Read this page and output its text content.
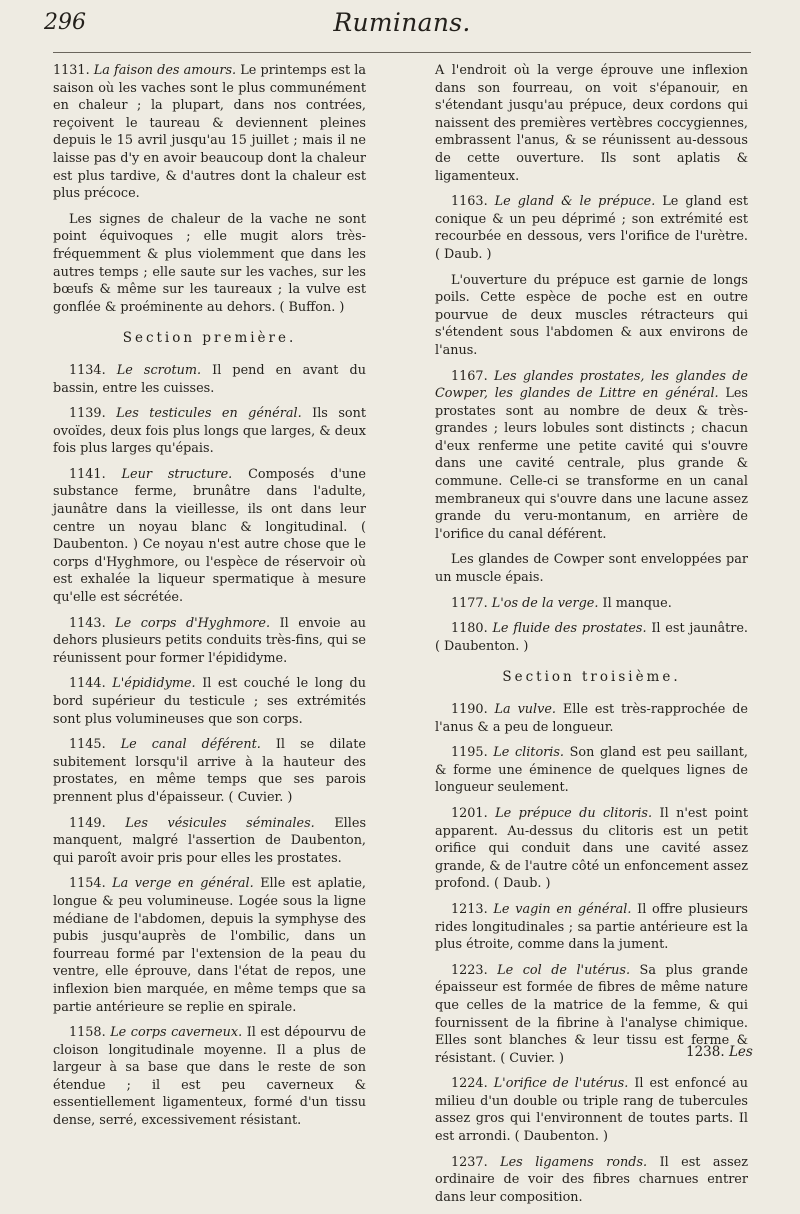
296	Ruminans.

1131. La faison des amours. Le printemps est la saison où les vaches sont le plus communément en chaleur ; la plupart, dans nos contrées, reçoivent le taureau & deviennent pleines depuis le 15 avril jusqu'au 15 juillet ; mais il ne laisse pas d'y en avoir beaucoup dont la chaleur est plus tardive, & d'autres dont la chaleur est plus précoce.

Les signes de chaleur de la vache ne sont point équivoques ; elle mugit alors très-fréquemment & plus violemment que dans les autres temps ; elle saute sur les vaches, sur les bœufs & même sur les taureaux ; la vulve est gonflée & proéminente au dehors. ( Buffon. )

Section première.

1134. Le scrotum. Il pend en avant du bassin, entre les cuisses.

1139. Les testicules en général. Ils sont ovoïdes, deux fois plus longs que larges, & deux fois plus larges qu'épais.

1141. Leur structure. Composés d'une substance ferme, brunâtre dans l'adulte, jaunâtre dans la vieillesse, ils ont dans leur centre un noyau blanc & longitudinal. ( Daubenton. ) Ce noyau n'est autre chose que le corps d'Hyghmore, ou l'espèce de réservoir où est exhalée la liqueur spermatique à mesure qu'elle est sécrétée.

1143. Le corps d'Hyghmore. Il envoie au dehors plusieurs petits conduits très-fins, qui se réunissent pour former l'épididyme.

1144. L'épididyme. Il est couché le long du bord supérieur du testicule ; ses extrémités sont plus volumineuses que son corps.

1145. Le canal déférent. Il se dilate subitement lorsqu'il arrive à la hauteur des prostates, en même temps que ses parois prennent plus d'épaisseur. ( Cuvier. )

1149. Les vésicules séminales. Elles manquent, malgré l'assertion de Daubenton, qui paroît avoir pris pour elles les prostates.

1154. La verge en général. Elle est aplatie, longue & peu volumineuse. Logée sous la ligne médiane de l'abdomen, depuis la symphyse des pubis jusqu'auprès de l'ombilic, dans un fourreau formé par l'extension de la peau du ventre, elle éprouve, dans l'état de repos, une inflexion bien marquée, en même temps que sa partie antérieure se replie en spirale.

1158. Le corps caverneux. Il est dépourvu de cloison longitudinale moyenne. Il a plus de largeur à sa base que dans le reste de son étendue ; il est peu caverneux & essentiellement ligamenteux, formé d'un tissu dense, serré, excessivement résistant.

A l'endroit où la verge éprouve une inflexion dans son fourreau, on voit s'épanouir, en s'étendant jusqu'au prépuce, deux cordons qui naissent des premières vertèbres coccygiennes, embrassent l'anus, & se réunissent au-dessous de cette ouverture. Ils sont aplatis & ligamenteux.

1163. Le gland & le prépuce. Le gland est conique & un peu déprimé ; son extrémité est recourbée en dessous, vers l'orifice de l'urètre. ( Daub. )

L'ouverture du prépuce est garnie de longs poils. Cette espèce de poche est en outre pourvue de deux muscles rétracteurs qui s'étendent sous l'abdomen & aux environs de l'anus.

1167. Les glandes prostates, les glandes de Cowper, les glandes de Littre en général. Les prostates sont au nombre de deux & très-grandes ; leurs lobules sont distincts ; chacun d'eux renferme une petite cavité qui s'ouvre dans une cavité centrale, plus grande & commune. Celle-ci se transforme en un canal membraneux qui s'ouvre dans une lacune assez grande du veru-montanum, en arrière de l'orifice du canal déférent.

Les glandes de Cowper sont enveloppées par un muscle épais.

1177. L'os de la verge. Il manque.

1180. Le fluide des prostates. Il est jaunâtre. ( Daubenton. )

Section troisième.

1190. La vulve. Elle est très-rapprochée de l'anus & a peu de longueur.

1195. Le clitoris. Son gland est peu saillant, & forme une éminence de quelques lignes de longueur seulement.

1201. Le prépuce du clitoris. Il n'est point apparent. Au-dessus du clitoris est un petit orifice qui conduit dans une cavité assez grande, & de l'autre côté un enfoncement assez profond. ( Daub. )

1213. Le vagin en général. Il offre plusieurs rides longitudinales ; sa partie antérieure est la plus étroite, comme dans la jument.

1223. Le col de l'utérus. Sa plus grande épaisseur est formée de fibres de même nature que celles de la matrice de la femme, & qui fournissent de la fibrine à l'analyse chimique. Elles sont blanches & leur tissu est ferme & résistant. ( Cuvier. )

1224. L'orifice de l'utérus. Il est enfoncé au milieu d'un double ou triple rang de tubercules assez gros qui l'environnent de toutes parts. Il est arrondi. ( Daubenton. )

1237. Les ligamens ronds. Il est assez ordinaire de voir des fibres charnues entrer dans leur composition.

1238. Les
